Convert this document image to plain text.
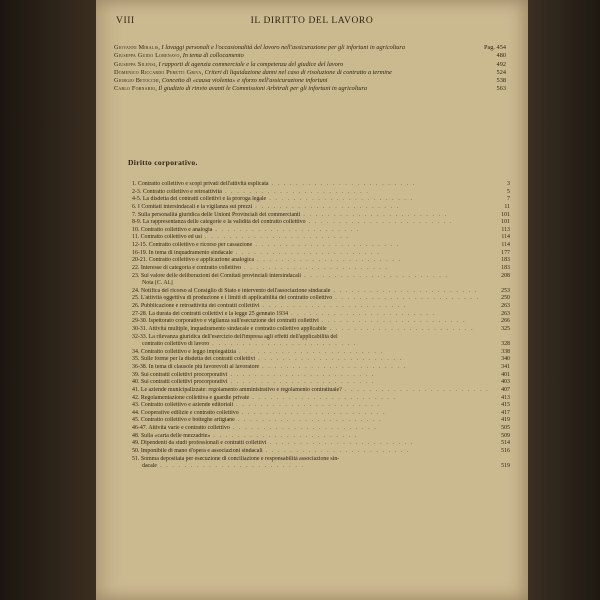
VIII	IL DIRITTO DEL LAVORO
Giovanni Miralis, I lavaggi personali e l'occasionalità del lavoro nell'assicurazione per gli infortuni in agricoltura	Pag. 454
Giuseppa Guido Lorenavo, In tema di collocamento	480
Giuseppa Silensi, I rapporti di agenzia commerciale e la competenza del giudice del lavoro	492
Domenico Riccardo Peretti Griva, Criteri di liquidazione danni nel caso di risoluzione di contratto a termine	524
Giorgio Betocchi, Concetto di «causa violenta» e sforzo nell'assicurazione infortuni	538
Carlo Fornario, Il giudizio di rinvio avanti le Commissioni Arbitrali per gli infortuni in agricoltura	563
Diritto corporativo.
1. Contratto collettivo e scopi privati dell'attività esplicata . . . . . . . . . . . . . . . . . . . . . . . .	3
2-3. Contratto collettivo e retroattività . . . . . . . . . . . . . . . . . . . . . . . .	5
4-5. La disdetta dei contratti collettivi e la proroga legale . . . . . . . . . . . . . . . . . . . . . . . .	7
6. I Comitati intersindacali e la vigilanza sui prezzi . . . . . . . . . . . . . . . . . . . . . . . .	11
7. Sulla personalità giuridica delle Unioni Provinciali dei commercianti . . . . . . . . . . . . . . . . . . . . . . . .	101
8-9. La rappresentanza delle categorie e la validità del contratto collettivo . . . . . . . . . . . . . . . . . . . . . . . .	101
10. Contratto collettivo e analogia . . . . . . . . . . . . . . . . . . . . . . . .	113
11. Contratto collettivo ed usi . . . . . . . . . . . . . . . . . . . . . . . .	114
12-15. Contratto collettivo e ricorso per cassazione . . . . . . . . . . . . . . . . . . . . . . . .	114
16-19. In tema di inquadramento sindacale . . . . . . . . . . . . . . . . . . . . . . . .	177
20-21. Contratto collettivo e applicazione analogica . . . . . . . . . . . . . . . . . . . . . . . .	183
22. Interesse di categoria e contratto collettivo . . . . . . . . . . . . . . . . . . . . . . . .	183
23. Sul valore delle deliberazioni dei Comitati provinciali intersindacali . . . . . . . . . . . . . . . . . . . . . . . .	208
Nota [C. Al.]
24. Notifica del ricorso al Consiglio di Stato e intervento dell'associazione sindacale . . . . . . . . . . . . . . . . . . . . . . . .	253
25. L'attività oggettiva di produzione e i limiti di applicabilità del contratto collettivo . . . . . . . . . . . . . . . . . . . . . . . .	250
26. Pubblicazione e retroattività dei contratti collettivi . . . . . . . . . . . . . . . . . . . . . . . .	263
27-28. La durata dei contratti collettivi e la legge 25 gennaio 1934 . . . . . . . . . . . . . . . . . . . . . . . .	263
29-30. Ispettorato corporativo e vigilanza sull'esecuzione dei contratti collettivi . . . . . . . . . . . . . . . . . . . . . . . .	266
30-31. Attività multiple, inquadramento sindacale e contratto collettivo applicabile . . . . . . . . . . . . . . . . . . . . . . . .	325
32-33. La rilevanza giuridica dell'esercizio dell'impresa agli effetti dell'applicabilità del
contratto collettivo di lavoro . . . . . . . . . . . . . . . . . . . . . . . .	328
34. Contratto collettivo e leggo impiegatizia . . . . . . . . . . . . . . . . . . . . . . . .	338
35. Sulle forme per la disdetta dei contratti collettivi . . . . . . . . . . . . . . . . . . . . . . . .	340
36-38. In tema di clausole più favorevoli al lavoratore . . . . . . . . . . . . . . . . . . . . . . . .	341
39. Sui contratti collettivi procorporativi . . . . . . . . . . . . . . . . . . . . . . . .	401
40. Sui contratti collettivi procorporativi . . . . . . . . . . . . . . . . . . . . . . . .	403
41. Le aziende municipalizzate: regolamento amministrativo e regolamento contrattuale? . . . . . . . . . . . . . . . . . . . . . . . . 407
42. Regolamentazione collettiva e guardie private . . . . . . . . . . . . . . . . . . . . . . . .	413
43. Contratto collettivo e aziende editoriali . . . . . . . . . . . . . . . . . . . . . . . .	415
44. Cooperative edilizie e contratto collettivo . . . . . . . . . . . . . . . . . . . . . . . .	417
45. Contratto collettivo e botteghe artigiane . . . . . . . . . . . . . . . . . . . . . . . .	419
46-47. Attività varie e contratto collettivo . . . . . . . . . . . . . . . . . . . . . . . .	505
48. Sulla «carta delle mezzadrie» . . . . . . . . . . . . . . . . . . . . . . . .	509
49. Dipendenti da studi professionali e contratti collettivi . . . . . . . . . . . . . . . . . . . . . . . .	514
50. Imponibile di mano d'opera e associazioni sindacali . . . . . . . . . . . . . . . . . . . . . . . .	516
51. Somma depositata per esecuzione di conciliazione e responsabilità associazione sin-
dacale . . . . . . . . . . . . . . . . . . . . . . . .	519
